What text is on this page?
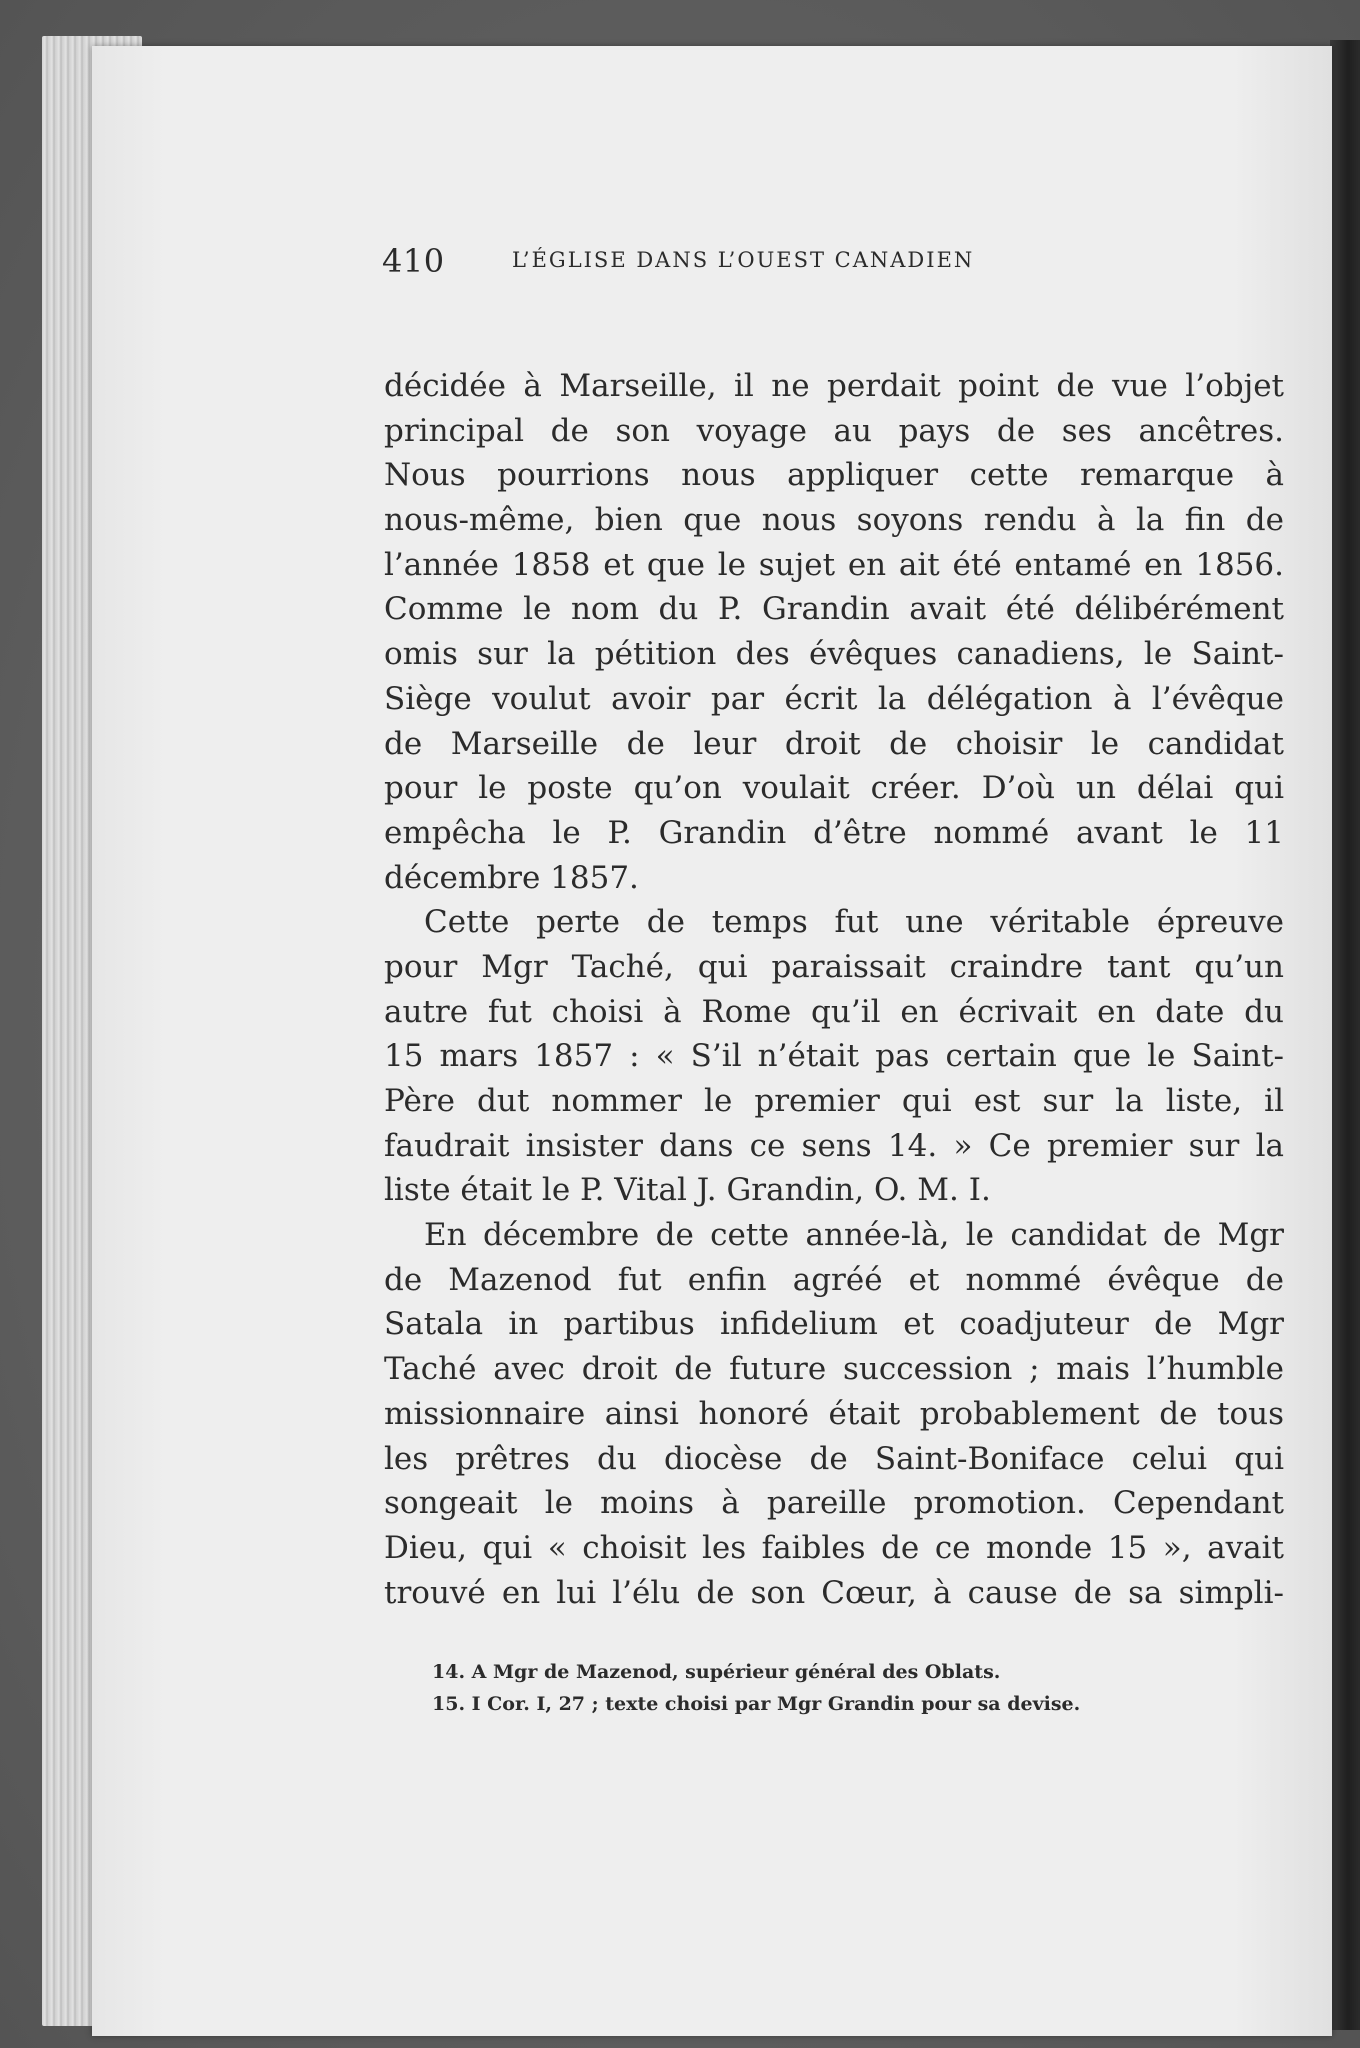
410	L’ÉGLISE DANS L’OUEST CANADIEN
décidée à Marseille, il ne perdait point de vue l’objet
principal de son voyage au pays de ses ancêtres.
Nous pourrions nous appliquer cette remarque à
nous-même, bien que nous soyons rendu à la fin de
l’année 1858 et que le sujet en ait été entamé en 1856.
Comme le nom du P. Grandin avait été délibérément
omis sur la pétition des évêques canadiens, le Saint-
Siège voulut avoir par écrit la délégation à l’évêque
de Marseille de leur droit de choisir le candidat
pour le poste qu’on voulait créer. D’où un délai qui
empêcha le P. Grandin d’être nommé avant le 11
décembre 1857.
Cette perte de temps fut une véritable épreuve
pour Mgr Taché, qui paraissait craindre tant qu’un
autre fut choisi à Rome qu’il en écrivait en date du
15 mars 1857 : « S’il n’était pas certain que le Saint-
Père dut nommer le premier qui est sur la liste, il
faudrait insister dans ce sens 14. » Ce premier sur la
liste était le P. Vital J. Grandin, O. M. I.
En décembre de cette année-là, le candidat de Mgr
de Mazenod fut enfin agréé et nommé évêque de
Satala in partibus infidelium et coadjuteur de Mgr
Taché avec droit de future succession ; mais l’humble
missionnaire ainsi honoré était probablement de tous
les prêtres du diocèse de Saint-Boniface celui qui
songeait le moins à pareille promotion. Cependant
Dieu, qui « choisit les faibles de ce monde 15 », avait
trouvé en lui l’élu de son Cœur, à cause de sa simpli-
14. A Mgr de Mazenod, supérieur général des Oblats.
15. I Cor. I, 27 ; texte choisi par Mgr Grandin pour sa devise.
